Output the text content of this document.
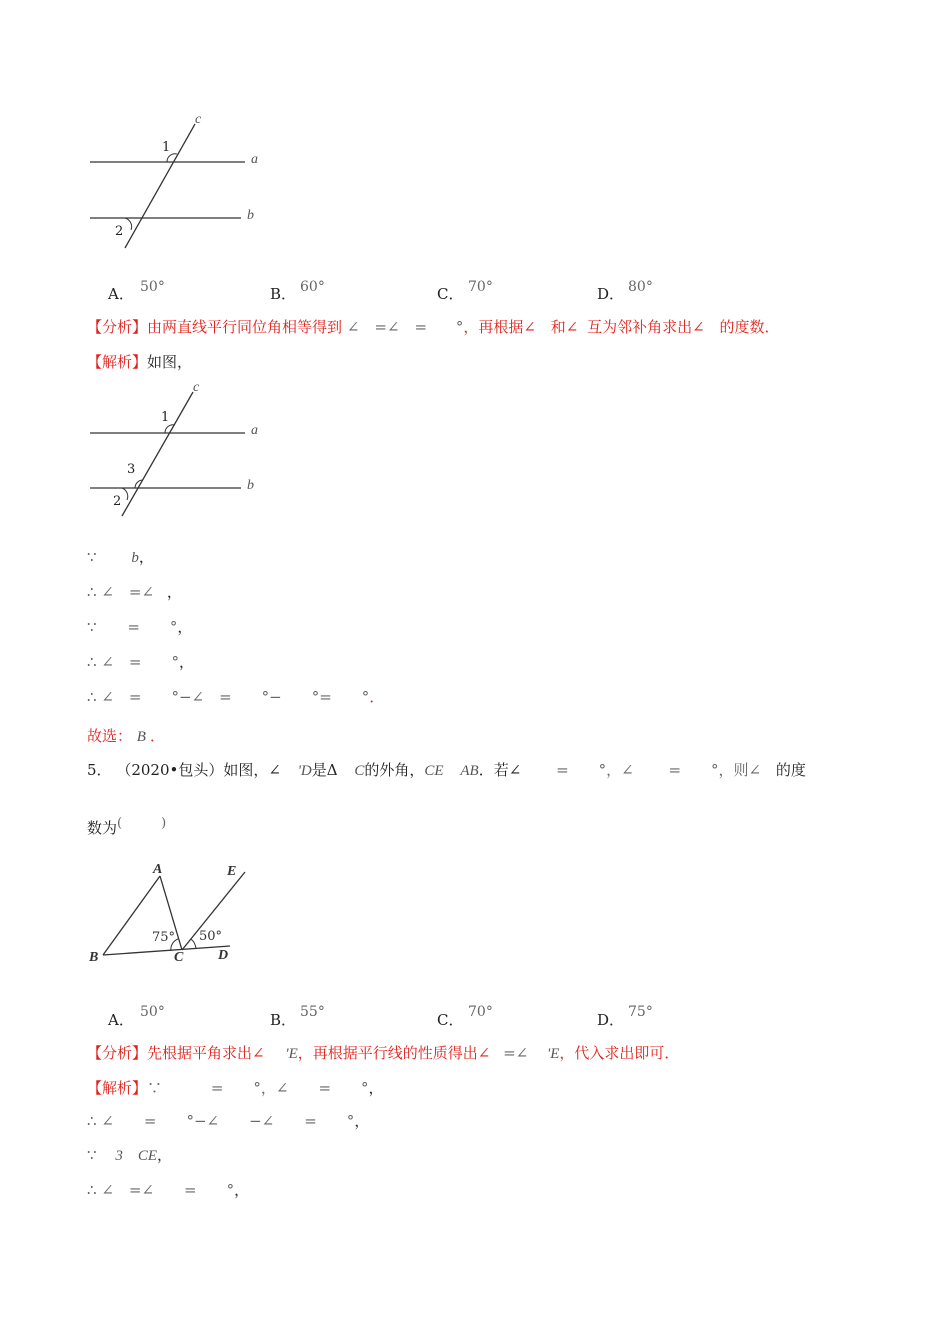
c
a
b
1
2
A． 50°	B． 60°	C． 70°	D． 80°
【分析】由两直线平行同位角相等得到 ∠　=∠　= °，再根据∠ 和∠ 互为邻补角求出∠ 的度数．
【解析】如图，
c
a
b
1
3
2
∵ b，
∴ ∠　=∠ ，
∵ =　　°，
∴ ∠　=　　°，
∴ ∠　=　　°−∠　=　　°−　　°=　　°．
故选： B ．
5． （2020•包头）如图，∠ 'D是Δ C的外角，CE AB．若∠ =　　°，∠ =　　°，则∠ 的度
数为(　　　)
A
B	C D
E
75° 50°
A． 50°	B． 55°	C． 70°	D． 75°
【分析】先根据平角求出∠ 'E，再根据平行线的性质得出∠ =∠ 'E，代入求出即可．
【解析】∵	=　　°，∠　　=　　°，
∴ ∠　　=　　°−∠　　−∠　　=　　°，
∵ 3　CE，
∴ ∠　=∠　　=　　°，
